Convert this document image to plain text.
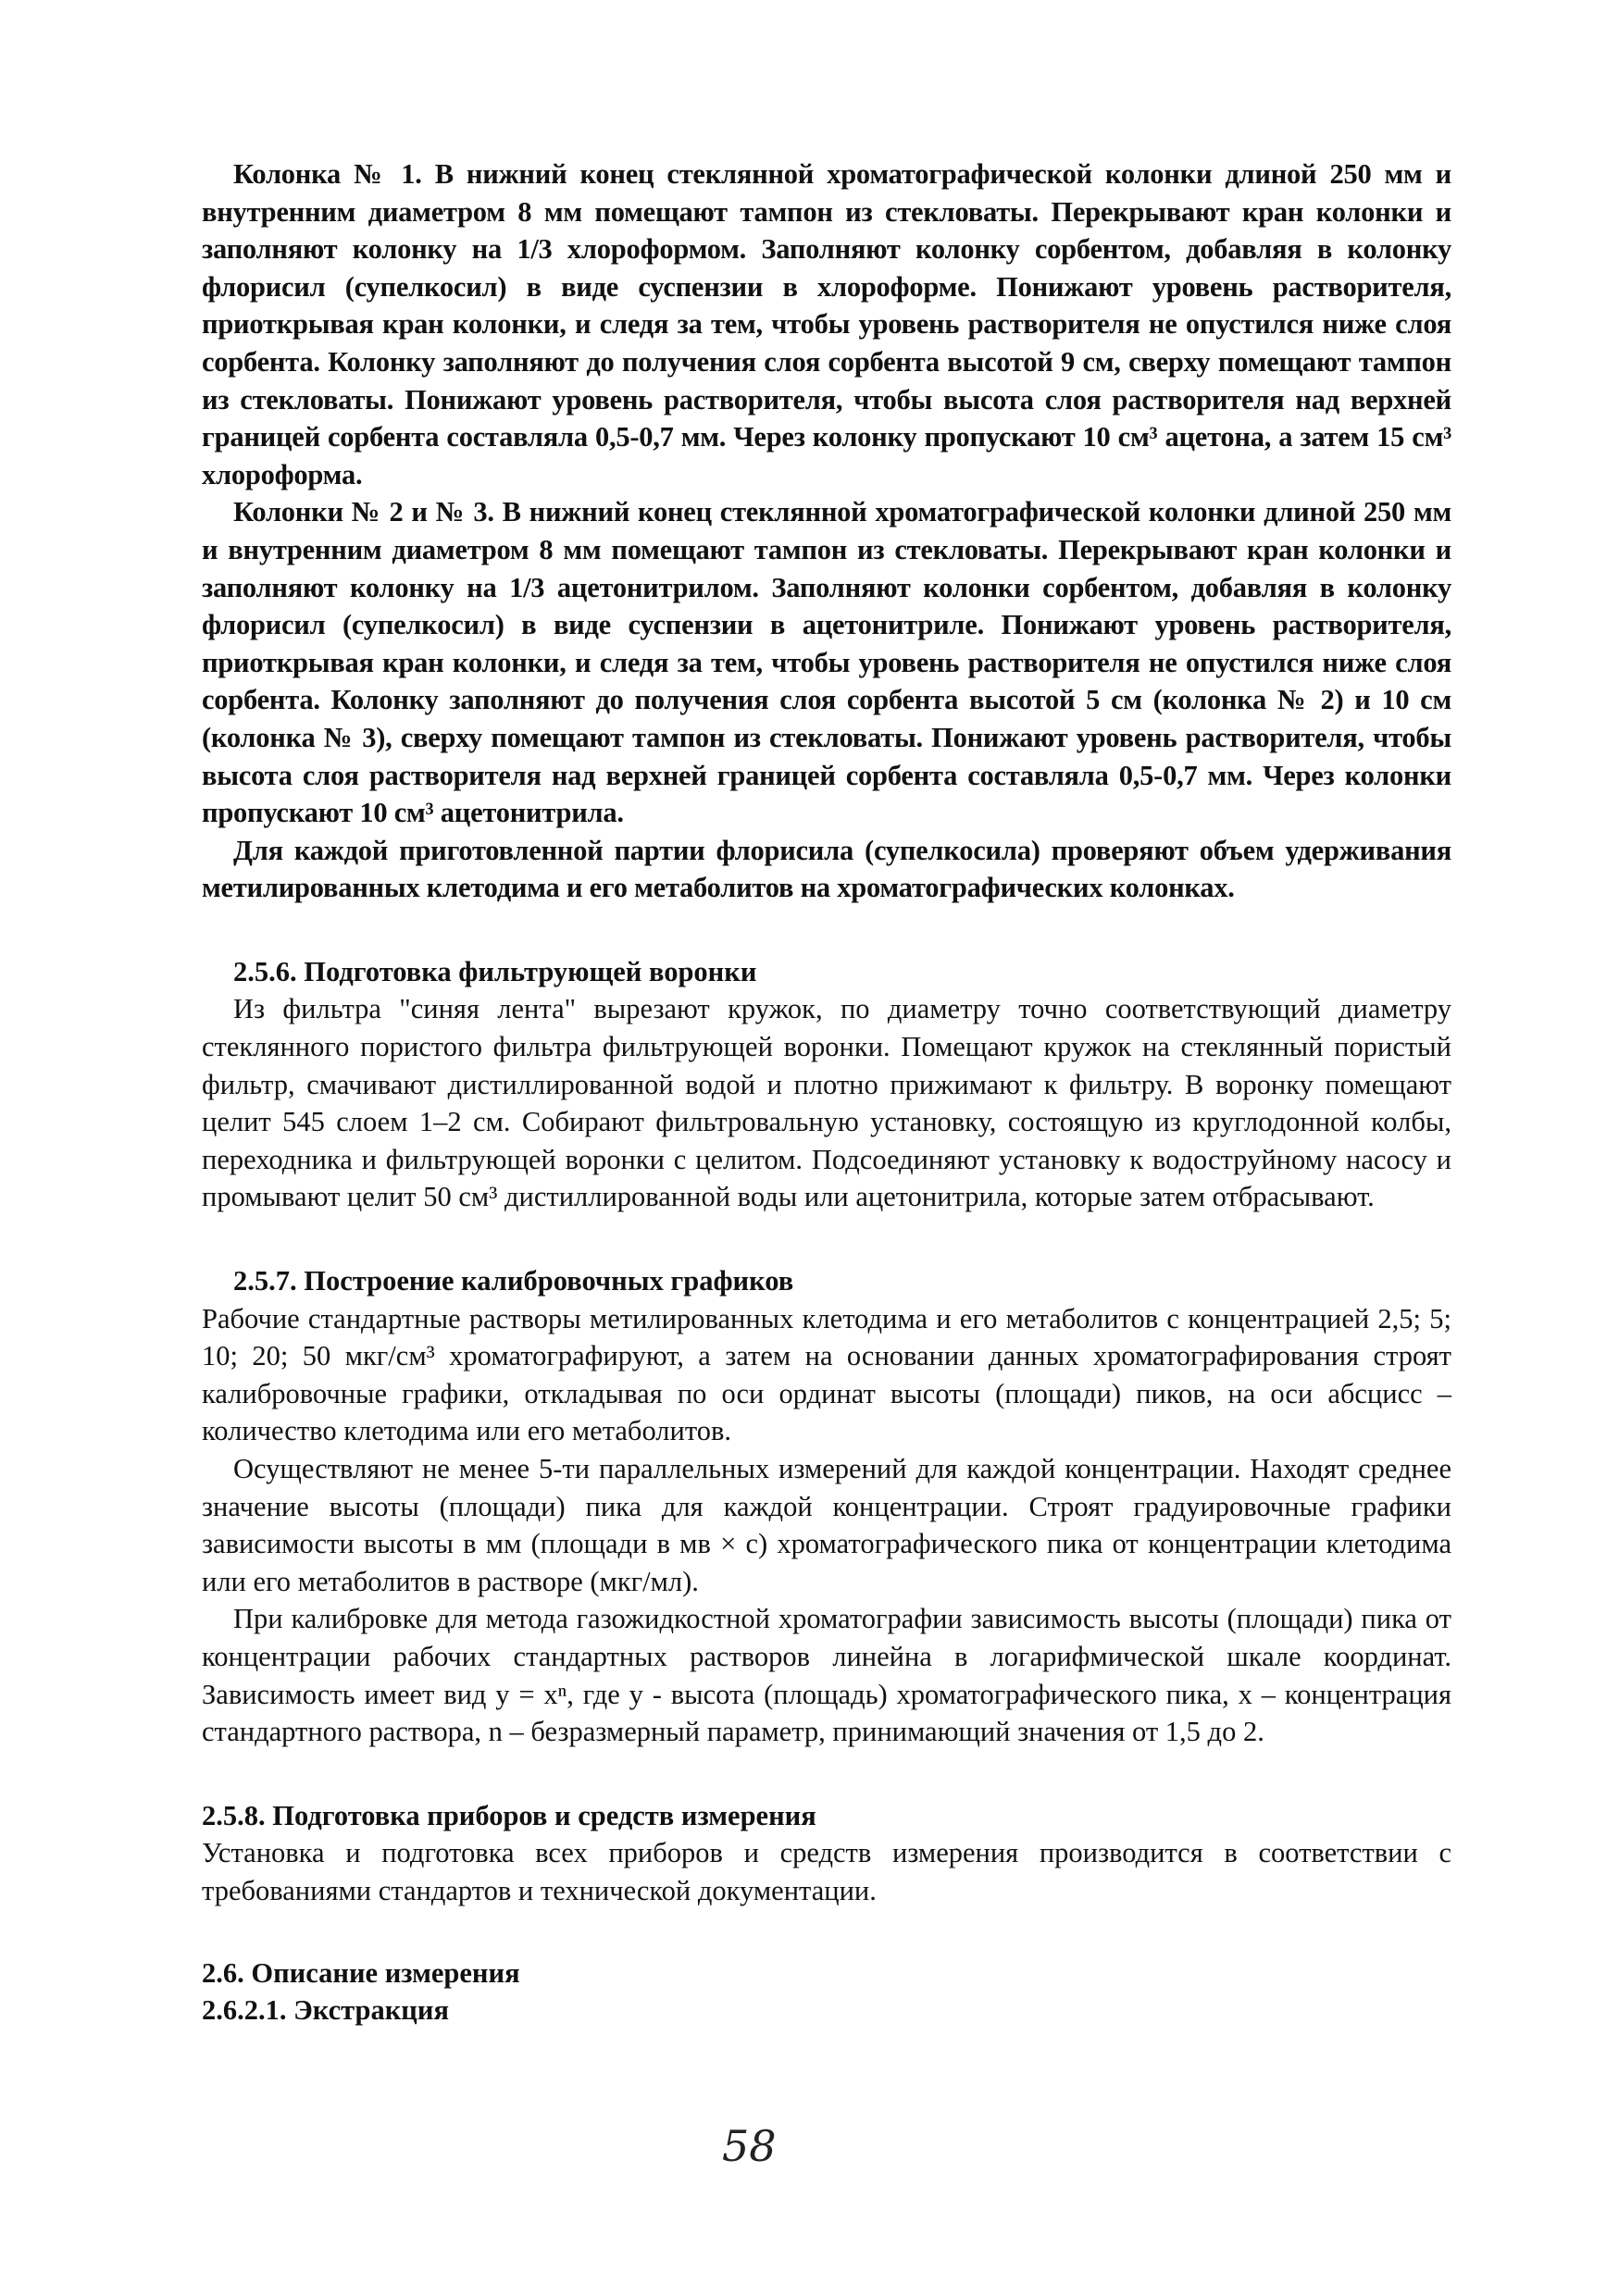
Колонка № 1. В нижний конец стеклянной хроматографической колонки длиной 250 мм и внутренним диаметром 8 мм помещают тампон из стекловаты. Перекрывают кран колонки и заполняют колонку на 1/3 хлороформом. Заполняют колонку сорбентом, добавляя в колонку флорисил (супелкосил) в виде суспензии в хлороформе. Понижают уровень растворителя, приоткрывая кран колонки, и следя за тем, чтобы уровень растворителя не опустился ниже слоя сорбента. Колонку заполняют до получения слоя сорбента высотой 9 см, сверху помещают тампон из стекловаты. Понижают уровень растворителя, чтобы высота слоя растворителя над верхней границей сорбента составляла 0,5-0,7 мм. Через колонку пропускают 10 см³ ацетона, а затем 15 см³ хлороформа.

Колонки № 2 и № 3. В нижний конец стеклянной хроматографической колонки длиной 250 мм и внутренним диаметром 8 мм помещают тампон из стекловаты. Перекрывают кран колонки и заполняют колонку на 1/3 ацетонитрилом. Заполняют колонки сорбентом, добавляя в колонку флорисил (супелкосил) в виде суспензии в ацетонитриле. Понижают уровень растворителя, приоткрывая кран колонки, и следя за тем, чтобы уровень растворителя не опустился ниже слоя сорбента. Колонку заполняют до получения слоя сорбента высотой 5 см (колонка № 2) и 10 см (колонка № 3), сверху помещают тампон из стекловаты. Понижают уровень растворителя, чтобы высота слоя растворителя над верхней границей сорбента составляла 0,5-0,7 мм. Через колонки пропускают 10 см³ ацетонитрила.

Для каждой приготовленной партии флорисила (супелкосила) проверяют объем удерживания метилированных клетодима и его метаболитов на хроматографических колонках.

2.5.6. Подготовка фильтрующей воронки

Из фильтра "синяя лента" вырезают кружок, по диаметру точно соответствующий диаметру стеклянного пористого фильтра фильтрующей воронки. Помещают кружок на стеклянный пористый фильтр, смачивают дистиллированной водой и плотно прижимают к фильтру. В воронку помещают целит 545 слоем 1–2 см. Собирают фильтровальную установку, состоящую из круглодонной колбы, переходника и фильтрующей воронки с целитом. Подсоединяют установку к водоструйному насосу и промывают целит 50 см³ дистиллированной воды или ацетонитрила, которые затем отбрасывают.

2.5.7. Построение калибровочных графиков

Рабочие стандартные растворы метилированных клетодима и его метаболитов с концентрацией 2,5; 5; 10; 20; 50 мкг/см³ хроматографируют, а затем на основании данных хроматографирования строят калибровочные графики, откладывая по оси ординат высоты (площади) пиков, на оси абсцисс – количество клетодима или его метаболитов.

Осуществляют не менее 5-ти параллельных измерений для каждой концентрации. Находят среднее значение высоты (площади) пика для каждой концентрации. Строят градуировочные графики зависимости высоты в мм (площади в мв × с) хроматографического пика от концентрации клетодима или его метаболитов в растворе (мкг/мл).

При калибровке для метода газожидкостной хроматографии зависимость высоты (площади) пика от концентрации рабочих стандартных растворов линейна в логарифмической шкале координат. Зависимость имеет вид y = xⁿ, где y - высота (площадь) хроматографического пика, x – концентрация стандартного раствора, n – безразмерный параметр, принимающий значения от 1,5 до 2.

2.5.8. Подготовка приборов и средств измерения

Установка и подготовка всех приборов и средств измерения производится в соответствии с требованиями стандартов и технической документации.

2.6. Описание измерения
2.6.2.1. Экстракция
58
